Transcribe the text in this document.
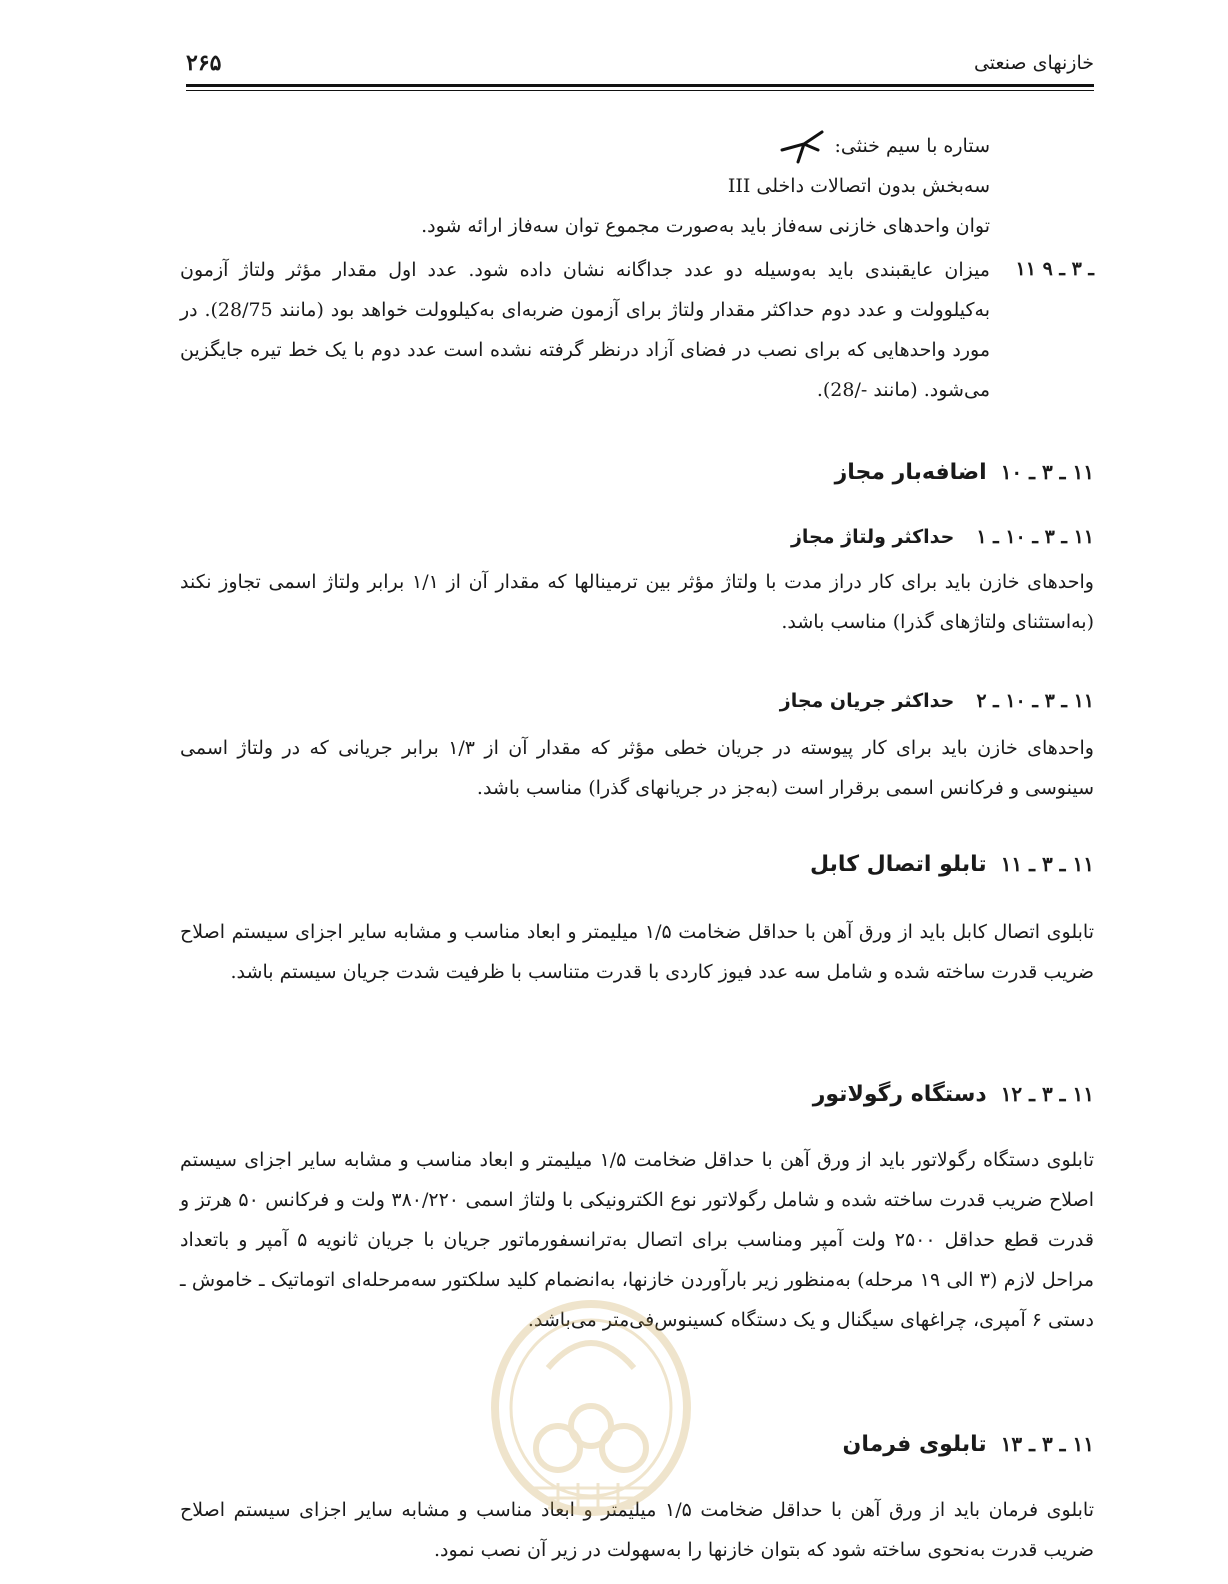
۲۶۵	خازنهای صنعتی
ستاره با سیم خنثی:

سه‌بخش بدون اتصالات داخلی III

توان واحدهای خازنی سه‌فاز باید به‌صورت مجموع توان سه‌فاز ارائه شود.

۱۱ ـ ۳ ـ ۹

میزان عایقبندی باید به‌وسیله دو عدد جداگانه نشان داده شود. عدد اول مقدار مؤثر ولتاژ آزمون به‌کیلوولت و عدد دوم حداکثر مقدار ولتاژ برای آزمون ضربه‌ای به‌کیلوولت خواهد بود (مانند 28/75). در مورد واحدهایی که برای نصب در فضای آزاد درنظر گرفته نشده است عدد دوم با یک خط تیره جایگزین می‌شود. (مانند -/28).

۱۱ ـ ۳ ـ ۱۰اضافه‌بار مجاز
۱۱ ـ ۳ ـ ۱۰ ـ ۱حداکثر ولتاژ مجاز

واحدهای خازن باید برای کار دراز مدت با ولتاژ مؤثر بین ترمینالها که مقدار آن از ۱/۱ برابر ولتاژ اسمی تجاوز نکند (به‌استثنای ولتاژهای گذرا) مناسب باشد.

۱۱ ـ ۳ ـ ۱۰ ـ ۲حداکثر جریان مجاز

واحدهای خازن باید برای کار پیوسته در جریان خطی مؤثر که مقدار آن از ۱/۳ برابر جریانی که در ولتاژ اسمی سینوسی و فرکانس اسمی برقرار است (به‌جز در جریانهای گذرا) مناسب باشد.

۱۱ ـ ۳ ـ ۱۱تابلو اتصال کابل

تابلوی اتصال کابل باید از ورق آهن با حداقل ضخامت ۱/۵ میلیمتر و ابعاد مناسب و مشابه سایر اجزای سیستم اصلاح ضریب قدرت ساخته شده و شامل سه عدد فیوز کاردی با قدرت متناسب با ظرفیت شدت جریان سیستم باشد.

۱۱ ـ ۳ ـ ۱۲دستگاه رگولاتور

تابلوی دستگاه رگولاتور باید از ورق آهن با حداقل ضخامت ۱/۵ میلیمتر و ابعاد مناسب و مشابه سایر اجزای سیستم اصلاح ضریب قدرت ساخته شده و شامل رگولاتور نوع الکترونیکی با ولتاژ اسمی ۳۸۰/۲۲۰ ولت و فرکانس ۵۰ هرتز و قدرت قطع حداقل ۲۵۰۰ ولت آمپر ومناسب برای اتصال به‌ترانسفورماتور جریان با جریان ثانویه ۵ آمپر و باتعداد مراحل لازم (۳ الی ۱۹ مرحله) به‌منظور زیر بارآوردن خازنها، به‌انضمام کلید سلکتور سه‌مرحله‌ای اتوماتیک ـ خاموش ـ دستی ۶ آمپری، چراغهای سیگنال و یک دستگاه کسینوس‌فی‌متر می‌باشد.

۱۱ ـ ۳ ـ ۱۳تابلوی فرمان

تابلوی فرمان باید از ورق آهن با حداقل ضخامت ۱/۵ میلیمتر و ابعاد مناسب و مشابه سایر اجزای سیستم اصلاح ضریب قدرت به‌نحوی ساخته شود که بتوان خازنها را به‌سهولت در زیر آن نصب نمود.
